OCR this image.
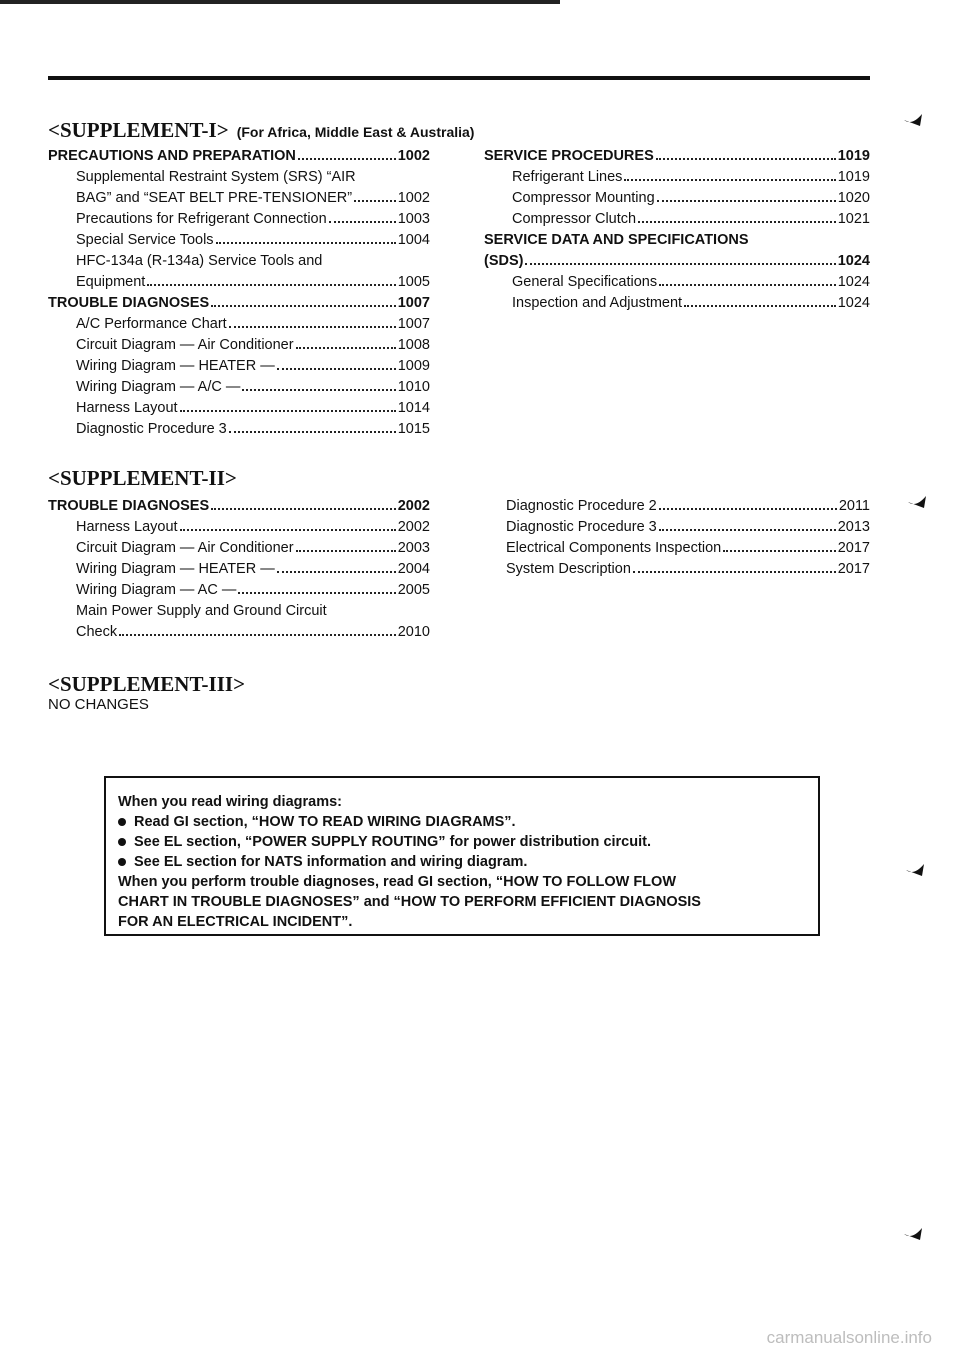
<SUPPLEMENT-I> (For Africa, Middle East & Australia)
PRECAUTIONS AND PREPARATION	1002
Supplemental Restraint System (SRS) “AIR
BAG” and “SEAT BELT PRE-TENSIONER”	1002
Precautions for Refrigerant Connection	1003
Special Service Tools	1004
HFC-134a (R-134a) Service Tools and
Equipment	1005
TROUBLE DIAGNOSES	1007
A/C Performance Chart	1007
Circuit Diagram — Air Conditioner	1008
Wiring Diagram — HEATER —	1009
Wiring Diagram — A/C —	1010
Harness Layout	1014
Diagnostic Procedure 3	1015
SERVICE PROCEDURES	1019
Refrigerant Lines	1019
Compressor Mounting	1020
Compressor Clutch	1021
SERVICE DATA AND SPECIFICATIONS
(SDS)	1024
General Specifications	1024
Inspection and Adjustment	1024
<SUPPLEMENT-II>
TROUBLE DIAGNOSES	2002
Harness Layout	2002
Circuit Diagram — Air Conditioner	2003
Wiring Diagram — HEATER —	2004
Wiring Diagram — AC —	2005
Main Power Supply and Ground Circuit
Check	2010
Diagnostic Procedure 2	2011
Diagnostic Procedure 3	2013
Electrical Components Inspection	2017
System Description	2017
<SUPPLEMENT-III>
NO CHANGES
When you read wiring diagrams:
Read GI section, “HOW TO READ WIRING DIAGRAMS”.
See EL section, “POWER SUPPLY ROUTING” for power distribution circuit.
See EL section for NATS information and wiring diagram.
When you perform trouble diagnoses, read GI section, “HOW TO FOLLOW FLOW
CHART IN TROUBLE DIAGNOSES” and “HOW TO PERFORM EFFICIENT DIAGNOSIS
FOR AN ELECTRICAL INCIDENT”.
carmanualsonline.info
